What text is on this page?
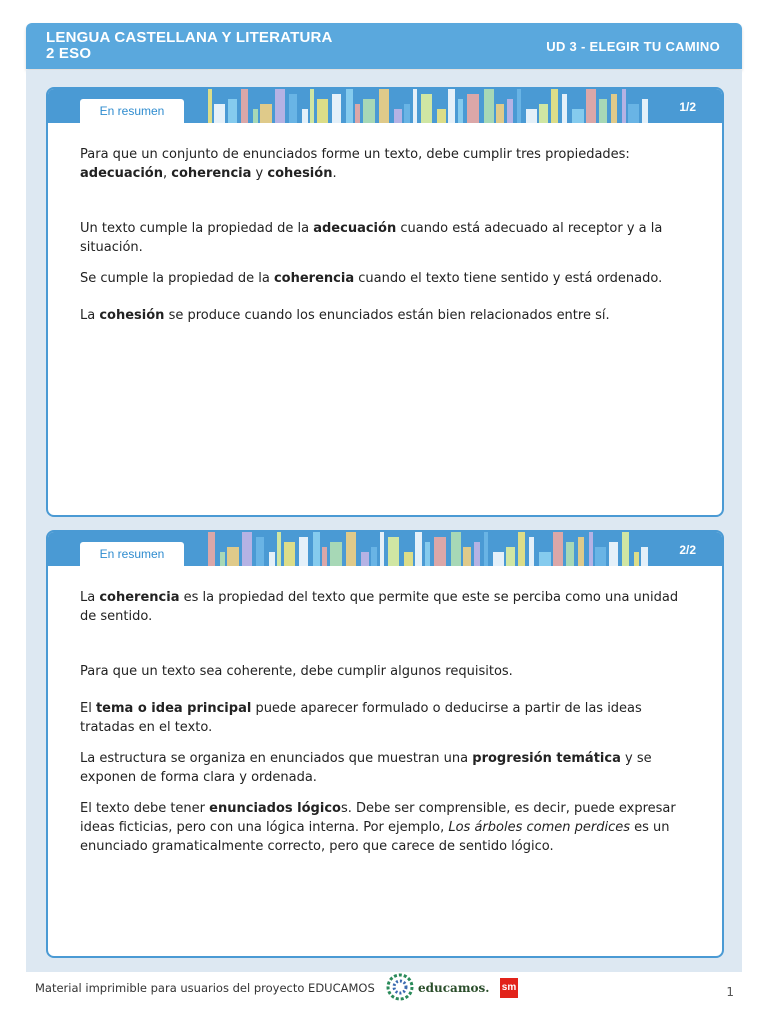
LENGUA CASTELLANA Y LITERATURA
2 ESO	UD 3 - ELEGIR TU CAMINO
En resumen	1/2

Para que un conjunto de enunciados forme un texto, debe cumplir tres propiedades: adecuación, coherencia y cohesión.

Un texto cumple la propiedad de la adecuación cuando está adecuado al receptor y a la situación.

Se cumple la propiedad de la coherencia cuando el texto tiene sentido y está ordenado.

La cohesión se produce cuando los enunciados están bien relacionados entre sí.

En resumen	2/2

La coherencia es la propiedad del texto que permite que este se perciba como una unidad de sentido.

Para que un texto sea coherente, debe cumplir algunos requisitos.

El tema o idea principal puede aparecer formulado o deducirse a partir de las ideas tratadas en el texto.

La estructura se organiza en enunciados que muestran una progresión temática y se exponen de forma clara y ordenada.

El texto debe tener enunciados lógicos. Debe ser comprensible, es decir, puede expresar ideas ficticias, pero con una lógica interna. Por ejemplo, Los árboles comen perdices es un enunciado gramaticalmente correcto, pero que carece de sentido lógico.

Material imprimible para usuarios del proyecto EDUCAMOS	educamos. sm	1
